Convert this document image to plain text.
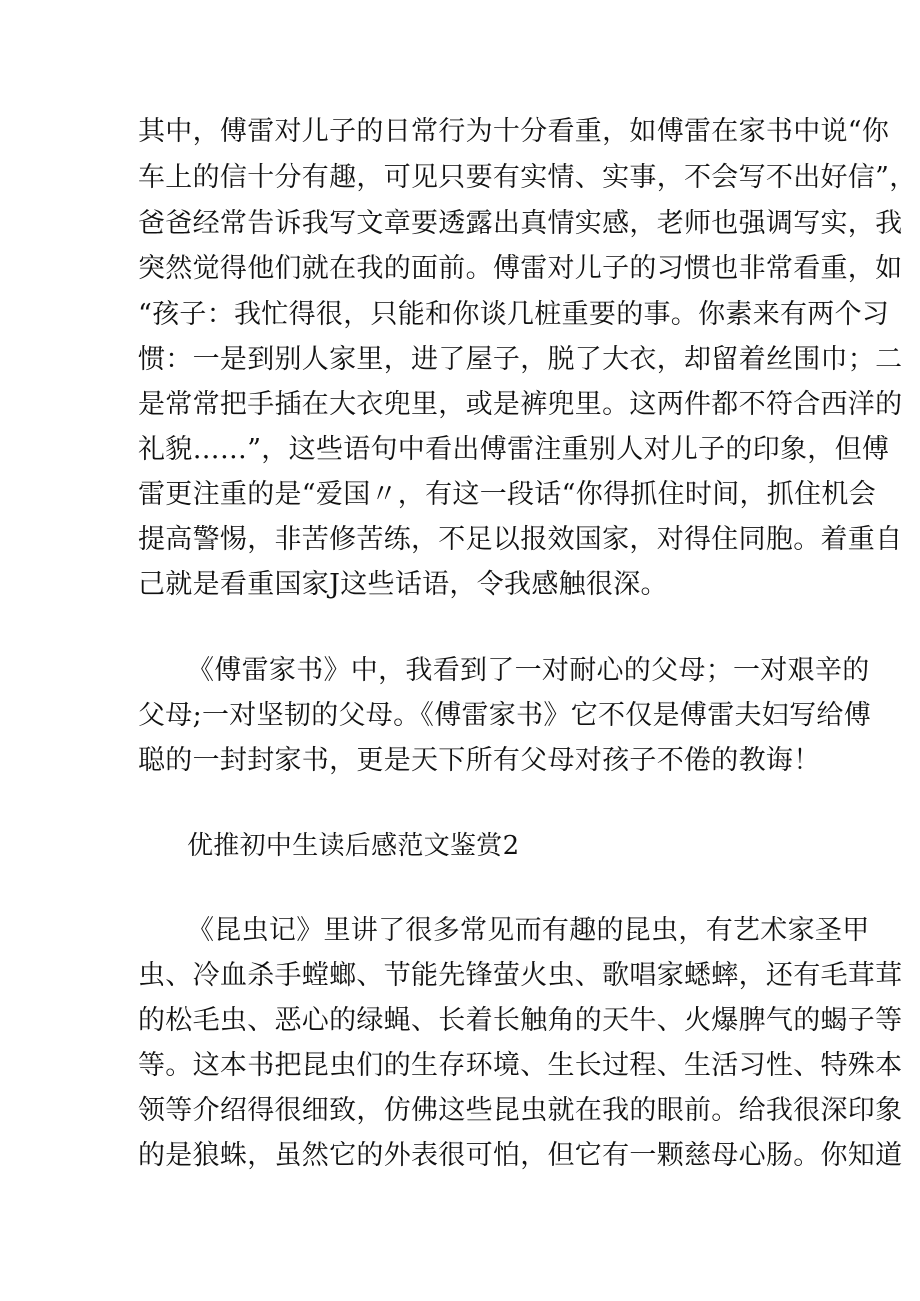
其中，傅雷对儿子的日常行为十分看重，如傅雷在家书中说“你
车上的信十分有趣，可见只要有实情、实事，不会写不出好信”，
爸爸经常告诉我写文章要透露出真情实感，老师也强调写实，我
突然觉得他们就在我的面前。傅雷对儿子的习惯也非常看重，如
“孩子：我忙得很，只能和你谈几桩重要的事。你素来有两个习
惯：一是到别人家里，进了屋子，脱了大衣，却留着丝围巾；二
是常常把手插在大衣兜里，或是裤兜里。这两件都不符合西洋的
礼貌……”，这些语句中看出傅雷注重别人对儿子的印象，但傅
雷更注重的是“爱国〃，有这一段话“你得抓住时间，抓住机会
提高警惕，非苦修苦练，不足以报效国家，对得住同胞。着重自
己就是看重国家J这些话语，令我感触很深。
《傅雷家书》中，我看到了一对耐心的父母；一对艰辛的
父母;一对坚韧的父母。《傅雷家书》它不仅是傅雷夫妇写给傅
聪的一封封家书，更是天下所有父母对孩子不倦的教诲！
优推初中生读后感范文鉴赏2
《昆虫记》里讲了很多常见而有趣的昆虫，有艺术家圣甲
虫、冷血杀手螳螂、节能先锋萤火虫、歌唱家蟋蟀，还有毛茸茸
的松毛虫、恶心的绿蝇、长着长触角的天牛、火爆脾气的蝎子等
等。这本书把昆虫们的生存环境、生长过程、生活习性、特殊本
领等介绍得很细致，仿佛这些昆虫就在我的眼前。给我很深印象
的是狼蛛，虽然它的外表很可怕，但它有一颗慈母心肠。你知道
